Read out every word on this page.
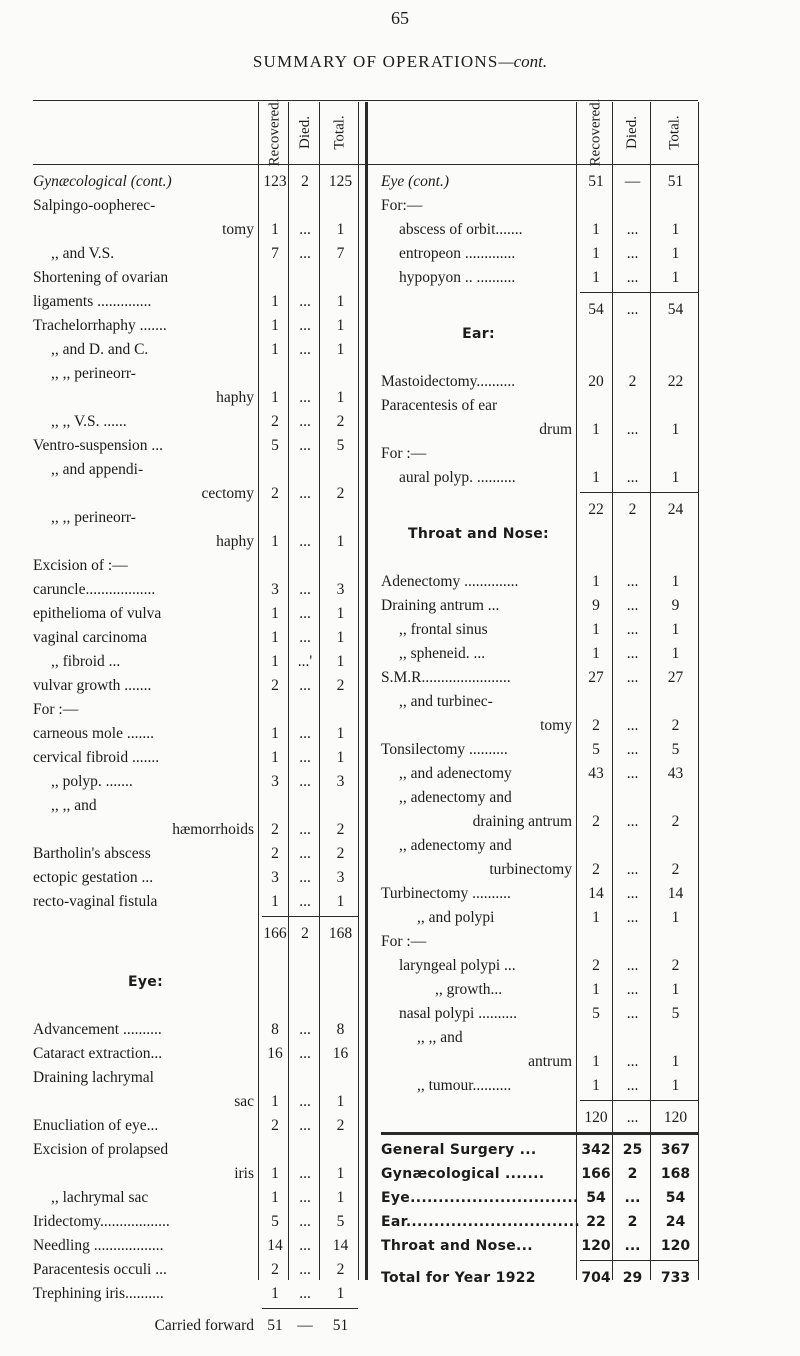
65
SUMMARY OF OPERATIONS—cont.
Recovered. Died. Total.	Recovered. Died. Total.
Gynæcological (cont.)	123 2	125
Salpingo-oopherec-
tomy	1	...	1
,, and V.S.	7	...	7
Shortening of ovarian
ligaments ..............	1	...	1
Trachelorrhaphy .......	1	...	1
,, and D. and C.	1	...	1
,, ,, perineorr-
haphy	1	...	1
,, ,, V.S. ......	2	...	2
Ventro-suspension ...	5	...	5
,, and appendi-
cectomy	2	...	2
,, ,, perineorr-
haphy	1	...	1
Excision of :—
caruncle..................	3	...	3
epithelioma of vulva	1	...	1
vaginal carcinoma	1	...	1
,, fibroid ...	1	...'	1
vulvar growth .......	2	...	2
For :—
carneous mole .......	1	...	1
cervical fibroid .......	1	...	1
,, polyp. .......	3	...	3
,, ,, and
hæmorrhoids	2	...	2
Bartholin's abscess	2	...	2
ectopic gestation ...	3	...	3
recto-vaginal fistula	1	...	1
166 2	168
Eye:
Advancement ..........	8	...	8
Cataract extraction...	16	...	16
Draining lachrymal
sac	1	...	1
Enucliation of eye...	2	...	2
Excision of prolapsed
iris	1	...	1
,, lachrymal sac	1	...	1
Iridectomy..................	5	...	5
Needling ..................	14	...	14
Paracentesis occuli ...	2	...	2
Trephining iris..........	1	...	1
Carried forward 51 —	51
Eye (cont.)	51	—	51
For:—
abscess of orbit.......	1	...	1
entropeon .............	1	...	1
hypopyon .. ..........	1	...	1
54	...	54
Ear:
Mastoidectomy..........	20	2	22
Paracentesis of ear
drum	1	...	1
For :—
aural polyp. ..........	1	...	1
22	2	24
Throat and Nose:
Adenectomy ..............	1	...	1
Draining antrum ...	9	...	9
,, frontal sinus	1	...	1
,, spheneid. ...	1	...	1
S.M.R.......................	27	...	27
,, and turbinec-
tomy	2	...	2
Tonsilectomy ..........	5	...	5
,, and adenectomy	43	...	43
,, adenectomy and
draining antrum	2	...	2
,, adenectomy and
turbinectomy	2	...	2
Turbinectomy ..........	14	...	14
,, and polypi	1	...	1
For :—
laryngeal polypi ...	2	...	2
,, growth...	1	...	1
nasal polypi ..........	5	...	5
,, ,, and
antrum	1	...	1
,, tumour..........	1	...	1
120	...	120
General Surgery ...	342 25	367
Gynæcological .......	166	2	168
Eye.............................. 54	...	54
Ear............................... 22	2	24
Throat and Nose...	120 ...	120
Total for Year 1922	704 29	733
